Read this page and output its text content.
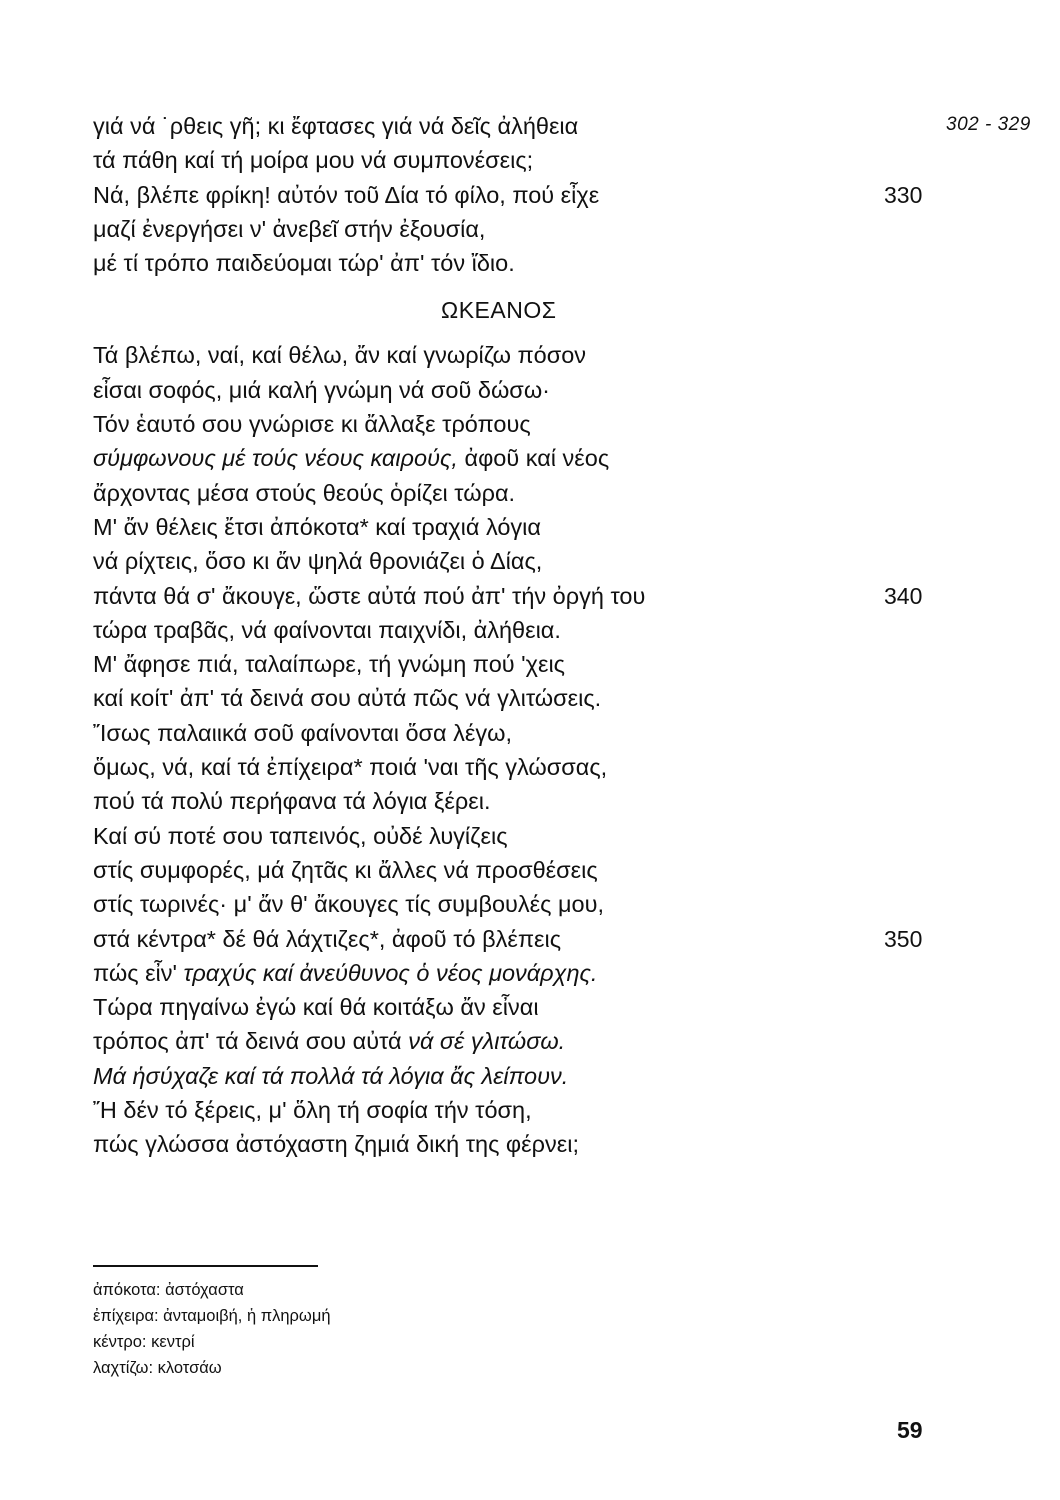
302 - 329
γιά νά ˙ρθεις γῆ; κι ἔφτασες γιά νά δεῖς ἀλήθεια
τά πάθη καί τή μοίρα μου νά συμπονέσεις;
Νά, βλέπε φρίκη! αὐτόν τοῦ Δία τό φίλο, πού εἶχε	330
μαζί ἐνεργήσει ν' ἀνεβεῖ στήν ἐξουσία,
μέ τί τρόπο παιδεύομαι τώρ' ἀπ' τόν ἴδιο.
ΩΚΕΑΝΟΣ
Τά βλέπω, ναί, καί θέλω, ἄν καί γνωρίζω πόσον
εἶσαι σοφός, μιά καλή γνώμη νά σοῦ δώσω·
Τόν ἑαυτό σου γνώρισε κι ἄλλαξε τρόπους
σύμφωνους μέ τούς νέους καιρούς, ἀφοῦ καί νέος
ἄρχοντας μέσα στούς θεούς ὁρίζει τώρα.
Μ' ἄν θέλεις ἔτσι ἀπόκοτα* καί τραχιά λόγια
νά ρίχτεις, ὅσο κι ἄν ψηλά θρονιάζει ὁ Δίας,
πάντα θά σ' ἄκουγε, ὥστε αὐτά πού ἀπ' τήν ὀργή του	340
τώρα τραβᾶς, νά φαίνονται παιχνίδι, ἀλήθεια.
Μ' ἄφησε πιά, ταλαίπωρε, τή γνώμη πού 'χεις
καί κοίτ' ἀπ' τά δεινά σου αὐτά πῶς νά γλιτώσεις.
Ἴσως παλαιικά σοῦ φαίνονται ὅσα λέγω,
ὅμως, νά, καί τά ἐπίχειρα* ποιά 'ναι τῆς γλώσσας,
πού τά πολύ περήφανα τά λόγια ξέρει.
Καί σύ ποτέ σου ταπεινός, οὐδέ λυγίζεις
στίς συμφορές, μά ζητᾶς κι ἄλλες νά προσθέσεις
στίς τωρινές· μ' ἄν θ' ἄκουγες τίς συμβουλές μου,
στά κέντρα* δέ θά λάχτιζες*, ἀφοῦ τό βλέπεις	350
πώς εἶν' τραχύς καί ἀνεύθυνος ὁ νέος μονάρχης.
Τώρα πηγαίνω ἐγώ καί θά κοιτάξω ἄν εἶναι
τρόπος ἀπ' τά δεινά σου αὐτά νά σέ γλιτώσω.
Μά ἡσύχαζε καί τά πολλά τά λόγια ἄς λείπουν.
Ἤ δέν τό ξέρεις, μ' ὅλη τή σοφία τήν τόση,
πώς γλώσσα ἀστόχαστη ζημιά δική της φέρνει;
ἀπόκοτα: ἀστόχαστα
ἐπίχειρα: ἀνταμοιβή, ἡ πληρωμή
κέντρο: κεντρί
λαχτίζω: κλοτσάω
59
